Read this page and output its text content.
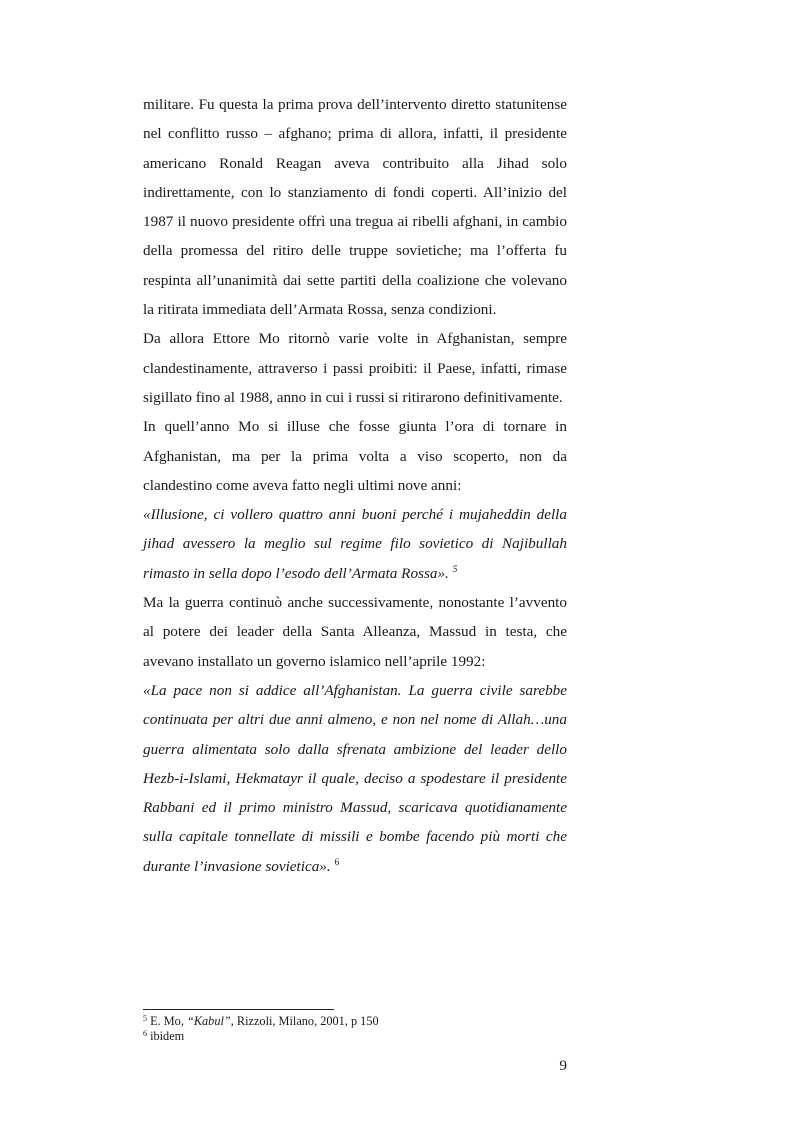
militare. Fu questa la prima prova dell’intervento diretto statunitense nel conflitto russo – afghano; prima di allora, infatti, il presidente americano Ronald Reagan aveva contribuito alla Jihad solo indirettamente, con lo stanziamento di fondi coperti. All’inizio del 1987 il nuovo presidente offrì una tregua ai ribelli afghani, in cambio della promessa del ritiro delle truppe sovietiche; ma l’offerta fu respinta all’unanimità dai sette partiti della coalizione che volevano la ritirata immediata dell’Armata Rossa, senza condizioni.

Da allora Ettore Mo ritornò varie volte in Afghanistan, sempre clandestinamente, attraverso i passi proibiti: il Paese, infatti, rimase sigillato fino al 1988, anno in cui i russi si ritirarono definitivamente.

In quell’anno Mo si illuse che fosse giunta l’ora di tornare in Afghanistan, ma per la prima volta a viso scoperto, non da clandestino come aveva fatto negli ultimi nove anni:

«Illusione, ci vollero quattro anni buoni perché i mujaheddin della jihad avessero la meglio sul regime filo sovietico di Najibullah rimasto in sella dopo l’esodo dell’Armata Rossa». $^5$

Ma la guerra continuò anche successivamente, nonostante l’avvento al potere dei leader della Santa Alleanza, Massud in testa, che avevano installato un governo islamico nell’aprile 1992:

«La pace non si addice all’Afghanistan. La guerra civile sarebbe continuata per altri due anni almeno, e non nel nome di Allah…una guerra alimentata solo dalla sfrenata ambizione del leader dello Hezb-i-Islami, Hekmatayr il quale, deciso a spodestare il presidente Rabbani ed il primo ministro Massud, scaricava quotidianamente sulla capitale tonnellate di missili e bombe facendo più morti che durante l’invasione sovietica». $^6$

$^5$ E. Mo, “Kabul”, Rizzoli, Milano, 2001, p 150
$^6$ ibidem
9
